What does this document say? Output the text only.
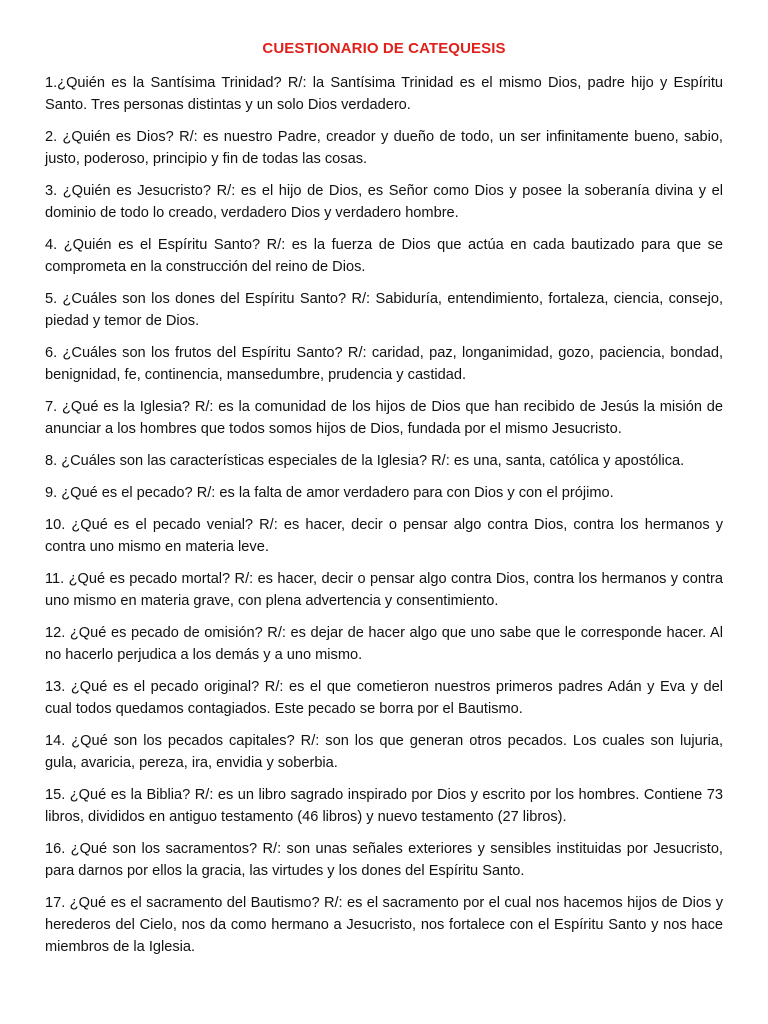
CUESTIONARIO DE CATEQUESIS

1.¿Quién es la Santísima Trinidad? R/: la Santísima Trinidad es el mismo Dios, padre hijo y Espíritu Santo. Tres personas distintas y un solo Dios verdadero.

2. ¿Quién es Dios? R/: es nuestro Padre, creador y dueño de todo, un ser infinitamente bueno, sabio, justo, poderoso, principio y fin de todas las cosas.

3. ¿Quién es Jesucristo? R/: es el hijo de Dios, es Señor como Dios y posee la soberanía divina y el dominio de todo lo creado, verdadero Dios y verdadero hombre.

4. ¿Quién es el Espíritu Santo? R/: es la fuerza de Dios que actúa en cada bautizado para que se comprometa en la construcción del reino de Dios.

5. ¿Cuáles son los dones del Espíritu Santo? R/: Sabiduría, entendimiento, fortaleza, ciencia, consejo, piedad y temor de Dios.

6. ¿Cuáles son los frutos del Espíritu Santo? R/: caridad, paz, longanimidad, gozo, paciencia, bondad, benignidad, fe, continencia, mansedumbre, prudencia y castidad.

7. ¿Qué es la Iglesia? R/: es la comunidad de los hijos de Dios que han recibido de Jesús la misión de anunciar a los hombres que todos somos hijos de Dios, fundada por el mismo Jesucristo.

8. ¿Cuáles son las características especiales de la Iglesia? R/: es una, santa, católica y apostólica.

9. ¿Qué es el pecado? R/: es la falta de amor verdadero para con Dios y con el prójimo.

10. ¿Qué es el pecado venial? R/: es hacer, decir o pensar algo contra Dios, contra los hermanos y contra uno mismo en materia leve.

11. ¿Qué es pecado mortal? R/: es hacer, decir o pensar algo contra Dios, contra los hermanos y contra uno mismo en materia grave, con plena advertencia y consentimiento.

12. ¿Qué es pecado de omisión? R/: es dejar de hacer algo que uno sabe que le corresponde hacer. Al no hacerlo perjudica a los demás y a uno mismo.

13. ¿Qué es el pecado original? R/: es el que cometieron nuestros primeros padres Adán y Eva y del cual todos quedamos contagiados. Este pecado se borra por el Bautismo.

14. ¿Qué son los pecados capitales? R/: son los que generan otros pecados. Los cuales son lujuria, gula, avaricia, pereza, ira, envidia y soberbia.

15. ¿Qué es la Biblia? R/: es un libro sagrado inspirado por Dios y escrito por los hombres. Contiene 73 libros, divididos en antiguo testamento (46 libros) y nuevo testamento (27 libros).

16. ¿Qué son los sacramentos? R/: son unas señales exteriores y sensibles instituidas por Jesucristo, para darnos por ellos la gracia, las virtudes y los dones del Espíritu Santo.

17. ¿Qué es el sacramento del Bautismo? R/: es el sacramento por el cual nos hacemos hijos de Dios y herederos del Cielo, nos da como hermano a Jesucristo, nos fortalece con el Espíritu Santo y nos hace miembros de la Iglesia.
